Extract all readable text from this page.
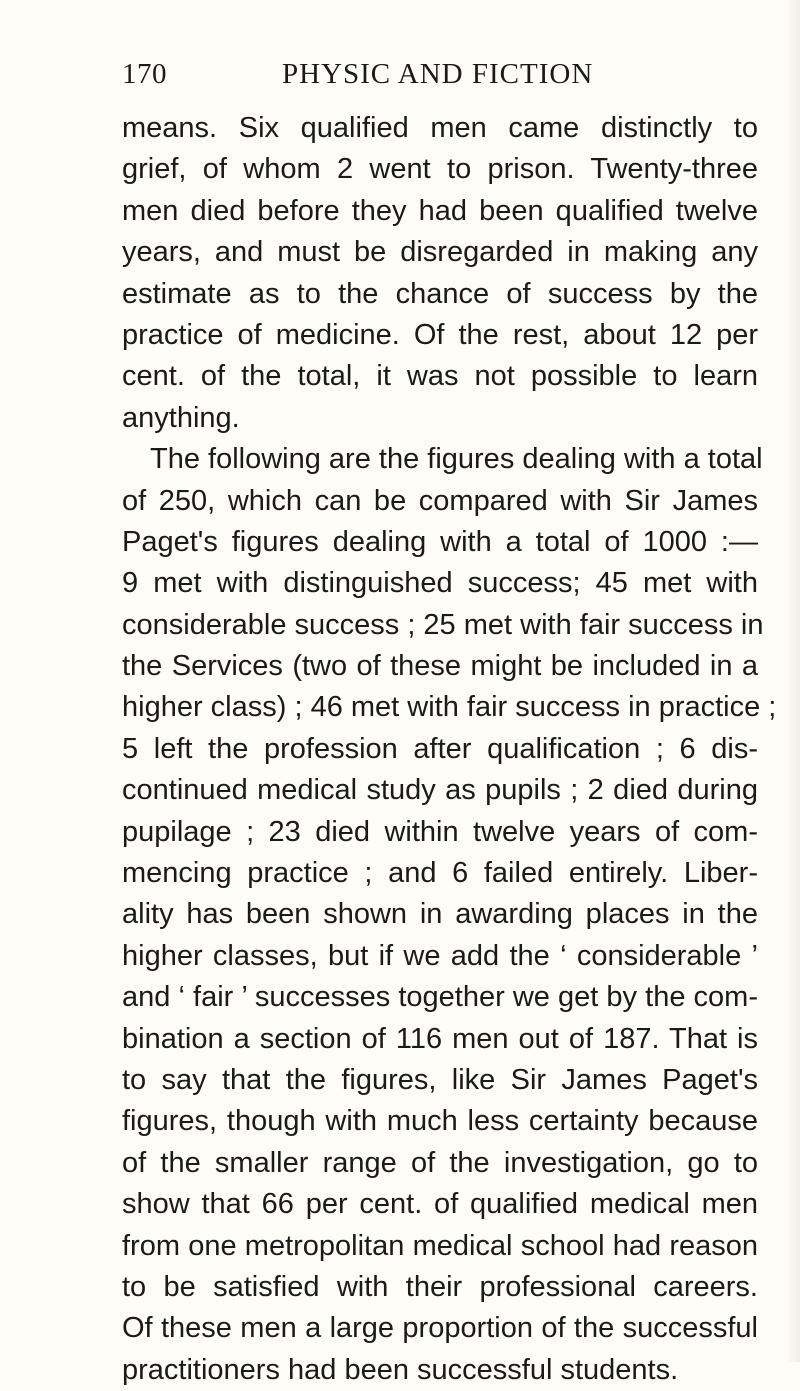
170	PHYSIC AND FICTION
means. Six qualified men came distinctly to
grief, of whom 2 went to prison. Twenty-three
men died before they had been qualified twelve
years, and must be disregarded in making any
estimate as to the chance of success by the
practice of medicine. Of the rest, about 12 per
cent. of the total, it was not possible to learn
anything.
The following are the figures dealing with a total
of 250, which can be compared with Sir James
Paget's figures dealing with a total of 1000 :—
9 met with distinguished success; 45 met with
considerable success ; 25 met with fair success in
the Services (two of these might be included in a
higher class) ; 46 met with fair success in practice ;
5 left the profession after qualification ; 6 dis-
continued medical study as pupils ; 2 died during
pupilage ; 23 died within twelve years of com-
mencing practice ; and 6 failed entirely. Liber-
ality has been shown in awarding places in the
higher classes, but if we add the ‘ considerable ’
and ‘ fair ’ successes together we get by the com-
bination a section of 116 men out of 187. That is
to say that the figures, like Sir James Paget's
figures, though with much less certainty because
of the smaller range of the investigation, go to
show that 66 per cent. of qualified medical men
from one metropolitan medical school had reason
to be satisfied with their professional careers.
Of these men a large proportion of the successful
practitioners had been successful students.
